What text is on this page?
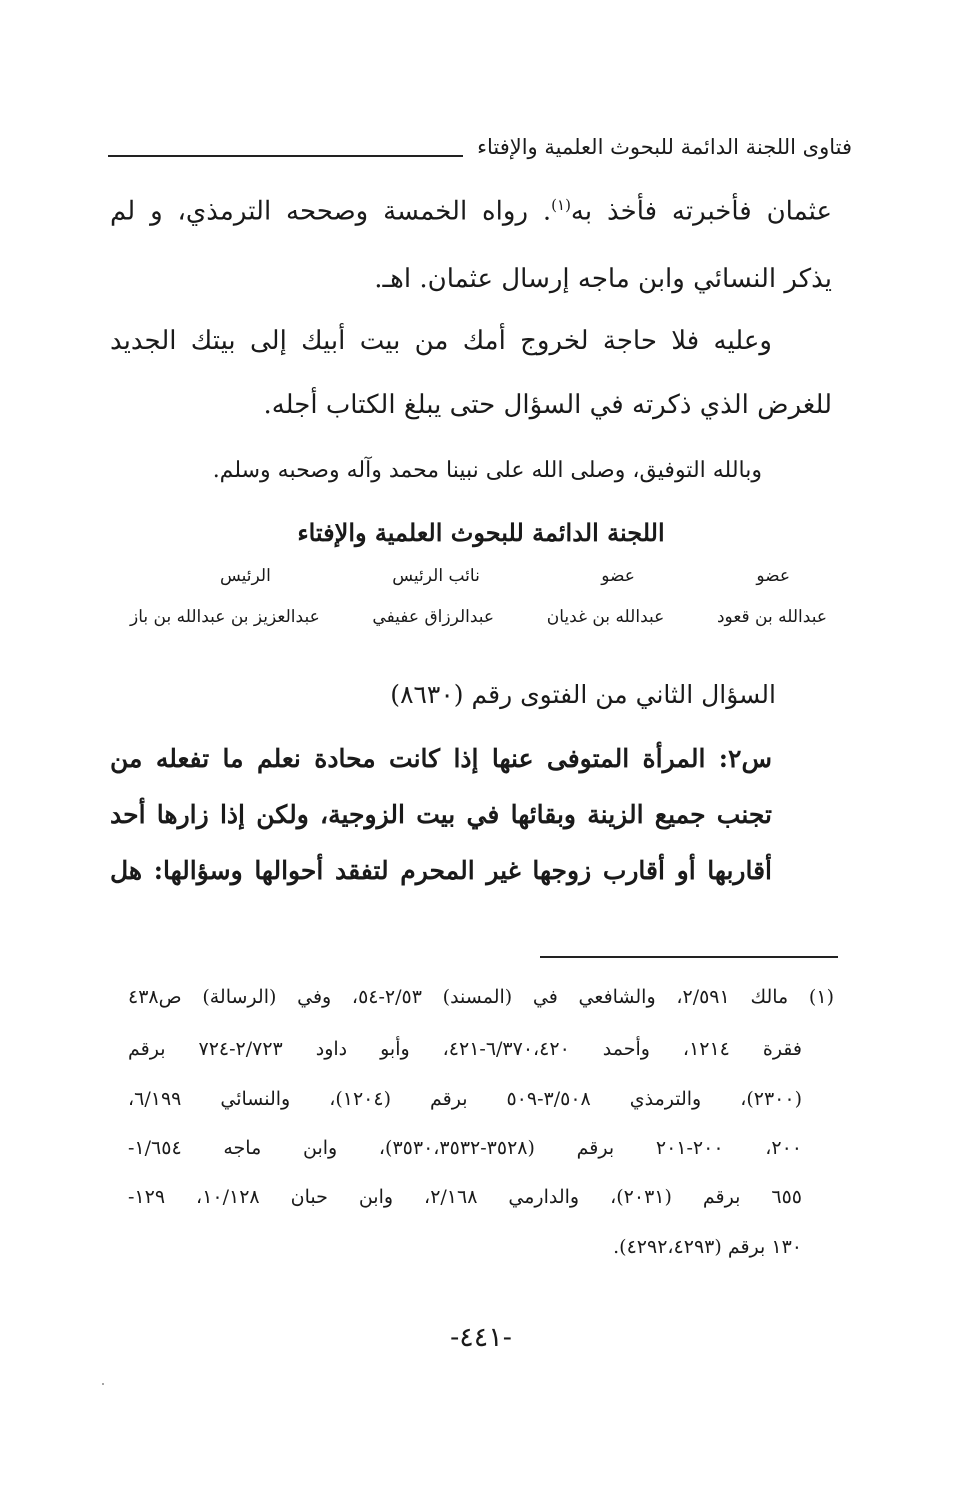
فتاوى اللجنة الدائمة للبحوث العلمية والإفتاء
عثمان فأخبرته فأخذ به$^{(١)}$. رواه الخمسة وصححه الترمذي، و لم
يذكر النسائي وابن ماجه إرسال عثمان. اهـ.
وعليه فلا حاجة لخروج أمك من بيت أبيك إلى بيتك الجديد
للغرض الذي ذكرته في السؤال حتى يبلغ الكتاب أجله.
وبالله التوفيق، وصلى الله على نبينا محمد وآله وصحبه وسلم.
اللجنة الدائمة للبحوث العلمية والإفتاء
عضو
عضو
نائب الرئيس
الرئيس
عبدالله بن قعود
عبدالله بن غديان
عبدالرزاق عفيفي
عبدالعزيز بن عبدالله بن باز
السؤال الثاني من الفتوى رقم (٨٦٣٠)
س٢: المرأة المتوفى عنها إذا كانت محادة نعلم ما تفعله من
تجنب جميع الزينة وبقائها في بيت الزوجية، ولكن إذا زارها أحد
أقاربها أو أقارب زوجها غير المحرم لتفقد أحوالها وسؤالها: هل
(١) مالك ٢/٥٩١، والشافعي في (المسند) ٢/٥٣-٥٤، وفي (الرسالة) ص٤٣٨
فقرة ١٢١٤، وأحمد ٦/٣٧٠،٤٢٠-٤٢١، وأبو داود ٢/٧٢٣-٧٢٤ برقم
(٢٣٠٠)، والترمذي ٣/٥٠٨-٥٠٩ برقم (١٢٠٤)، والنسائي ٦/١٩٩،
٢٠٠، ٢٠٠-٢٠١ برقم (٣٥٢٨-٣٥٣٠،٣٥٣٢)، وابن ماجه ١/٦٥٤-
٦٥٥ برقم (٢٠٣١)، والدارمي ٢/١٦٨، وابن حبان ١٠/١٢٨، ١٢٩-
١٣٠ برقم (٤٢٩٢،٤٢٩٣).
-٤٤١-
